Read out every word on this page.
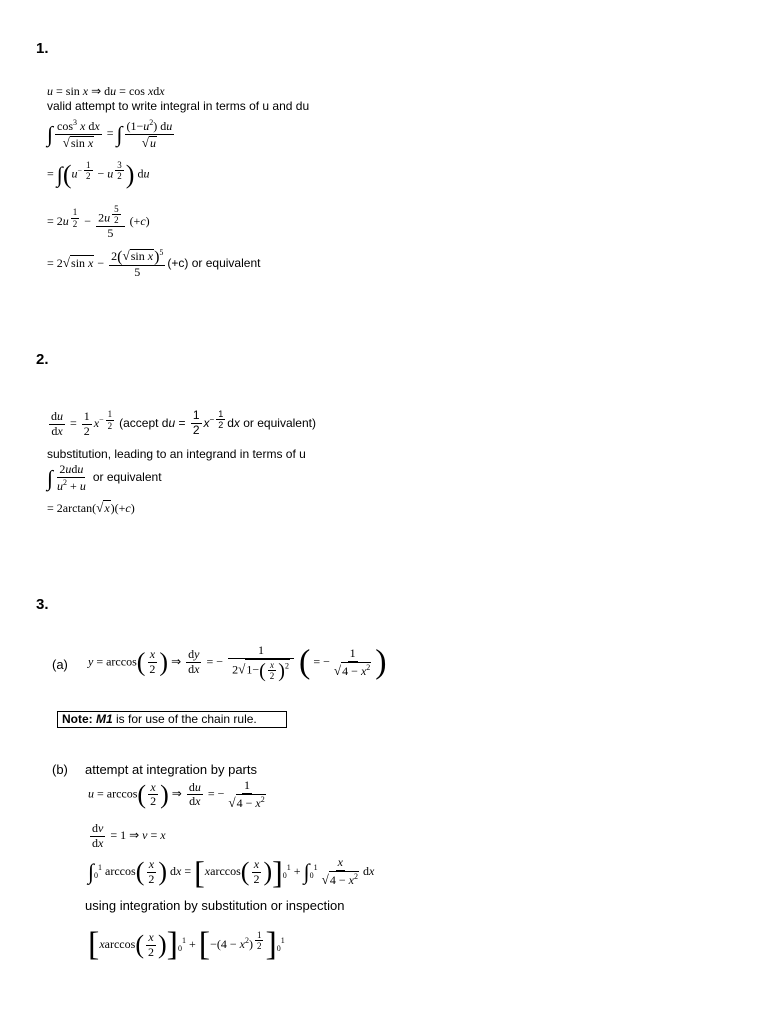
1.
u = sin x ⇒ du = cos xdx
valid attempt to write integral in terms of u and du
∫ $\frac{\cos^3 x dx}{\text{√sin x}}$ = ∫ $\frac{(1-u^2) du}{√u}$
= $\int(u^{- \frac{1}{2}} - u$ $^{\frac{3}{2}}$ ) du
= 2u $^{\frac{1}{2}}$ − 2u $^{\frac{5}{2}}$
5 (+c)
= 2√sin $x - \frac{2(√\sin x)^5}{5} (+c)$ or equivalent
2.
$\frac{du}{dx} = \frac{1}{2} x^{- \frac{1}{2}}$ (accept du = $\frac{1}{2} x^{- \frac{1}{2}}$ dx or equivalent)
substitution, leading to an integrand in terms of u
∫ $\frac{\text{2udu}}{u^2 + u}$ or equivalent
= 2arctan(√x)(+c)
3.
(a) $y = \arccos( \frac{x}{2}$ ) ⇒ $\frac{dy}{dx}$ = − $\frac{1}{2√1-( \frac{x}{2} )^2}$ ( = − $\frac{1}{√4 - x^2}$ )
Note: M1 is for use of the chain rule.
(b) attempt at integration by parts
$u = \arccos( \frac{x}{2}$ ) ⇒ $\frac{du}{dx}$ = − $\frac{1}{√4 - x^2}$
$\frac{dv}{dx} = 1$ ⇒ v = x
$\int_0^1$ $\arccos( \frac{x}{2}$ ) dx = $[xarccos( \frac{x}{2} )]_0^1 + \int_0^1 \frac{x}{√4 - x^2}$ dx
using integration by substitution or inspection
$[xarccos( \frac{x}{2} )]_0^1 + [-(4 - x^2)$ $^{\frac{1}{2}}$ ]$_0^1$
